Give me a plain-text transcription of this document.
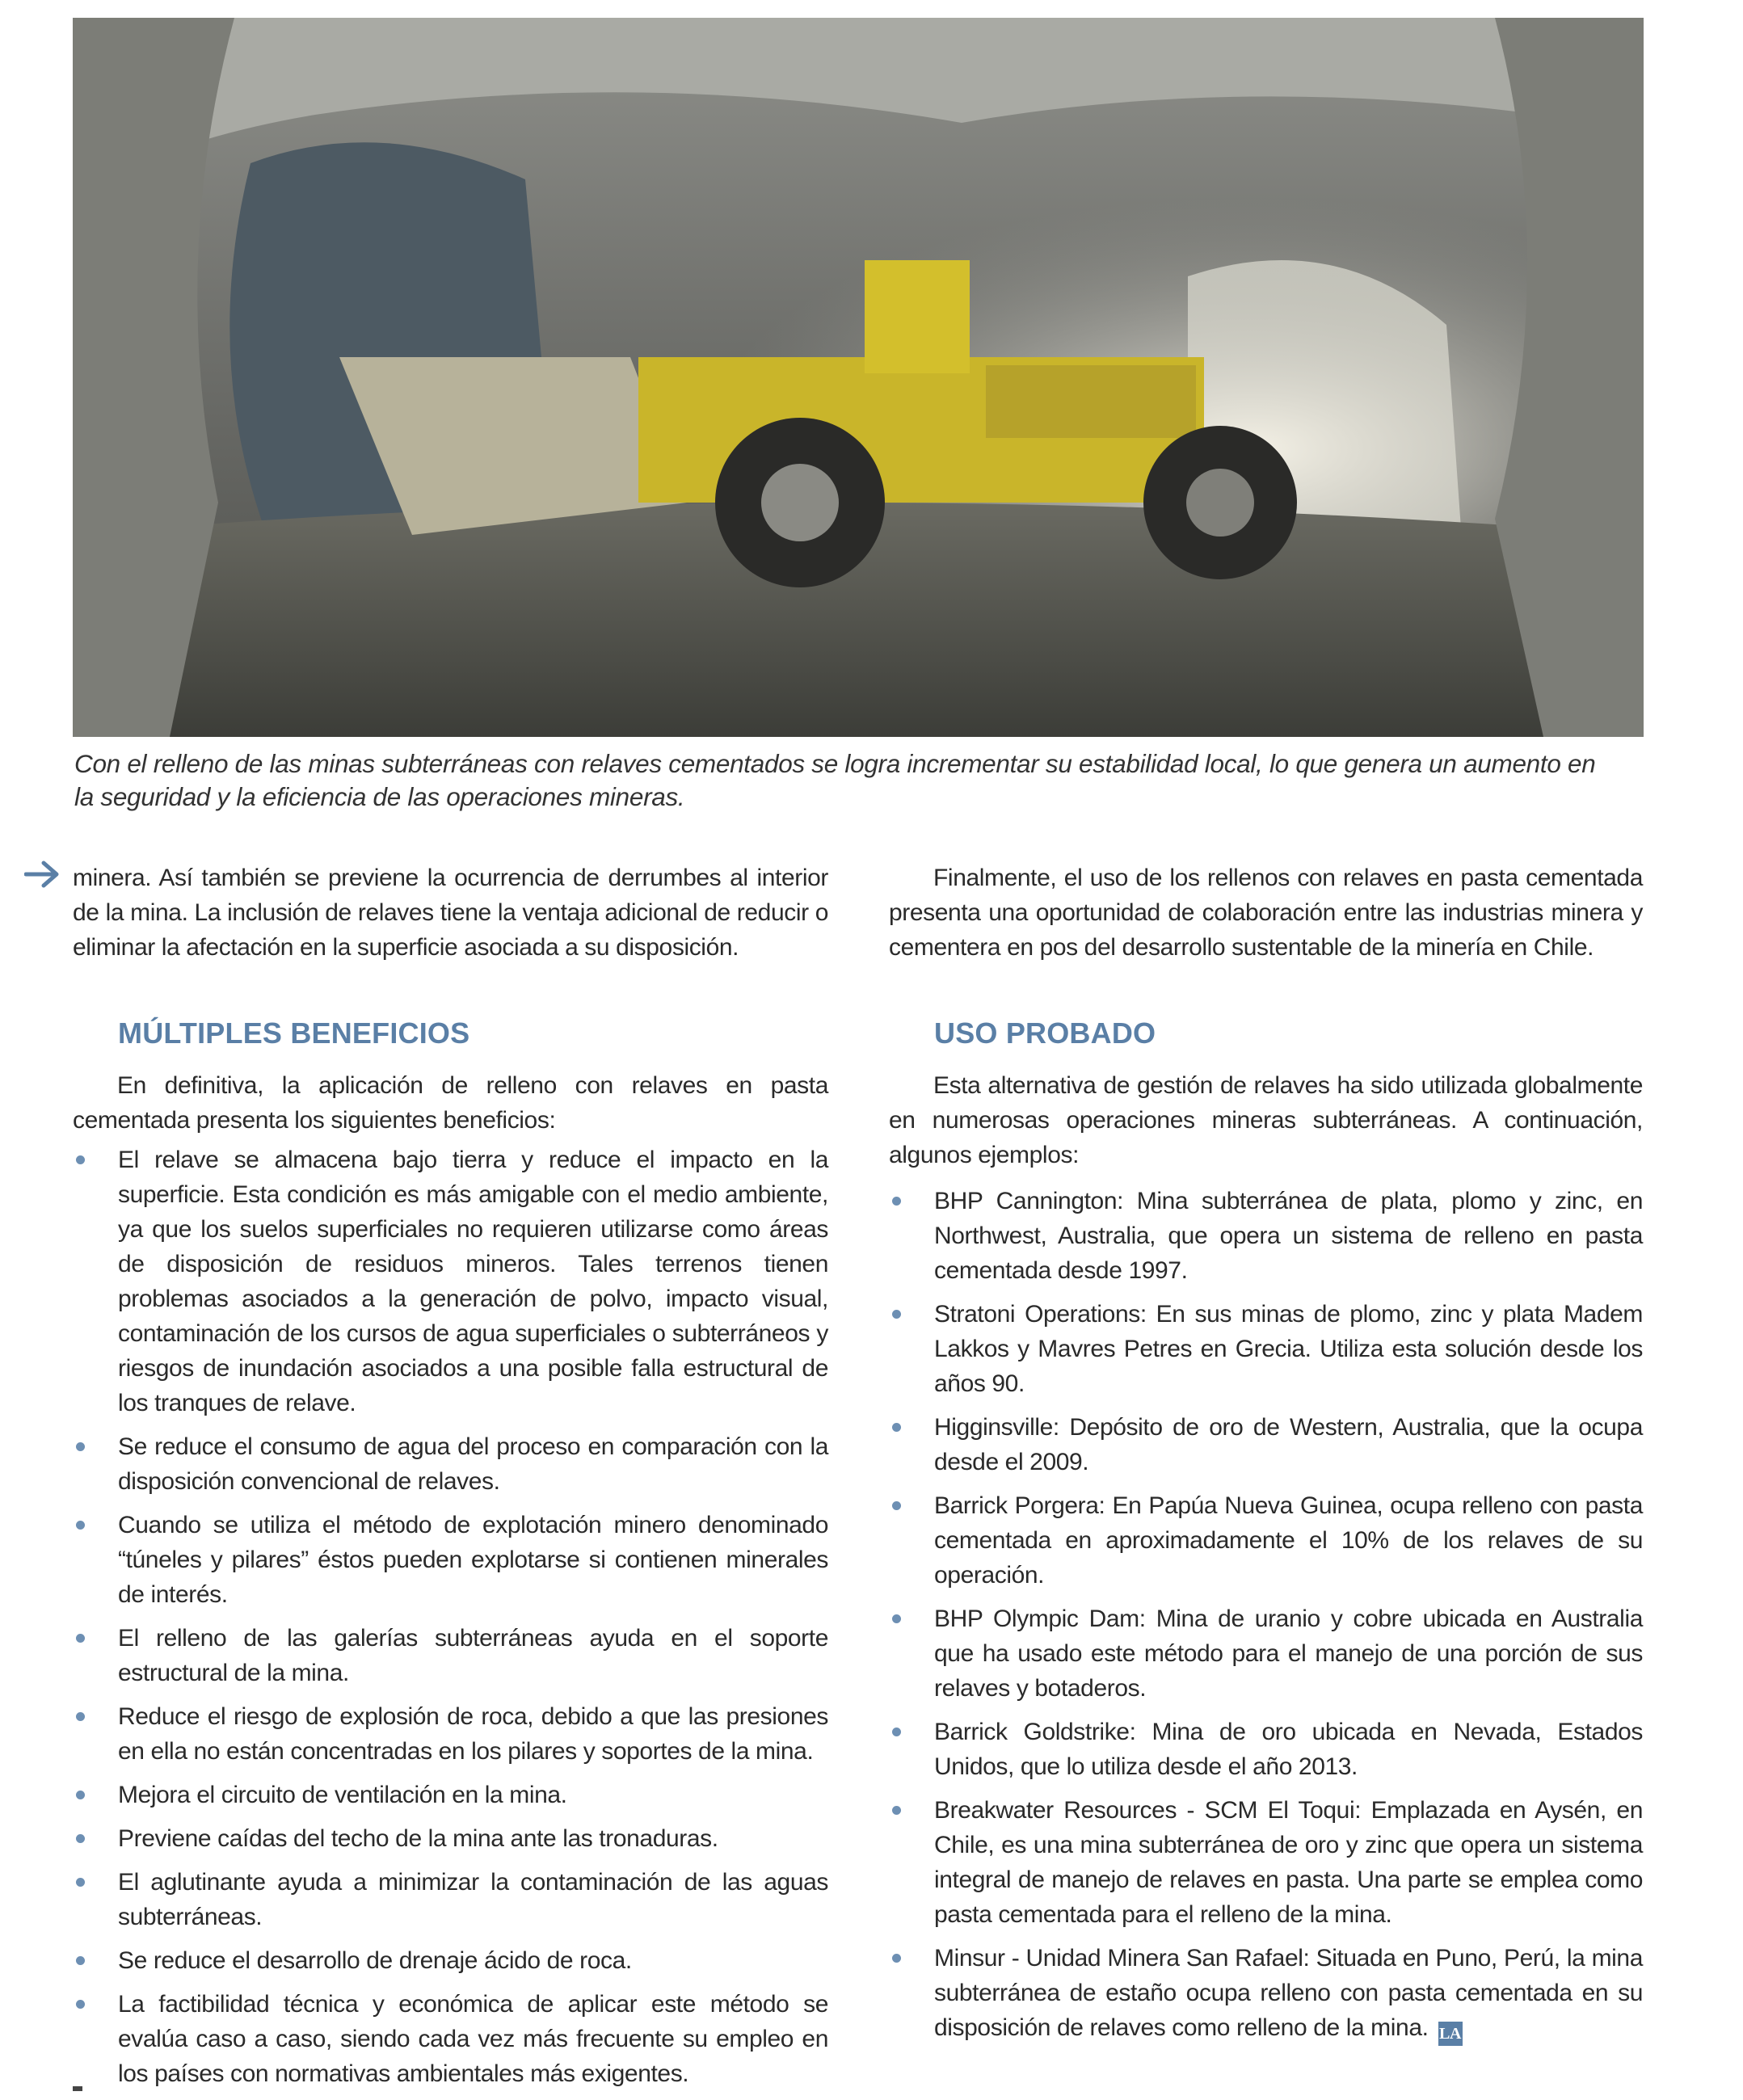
Con el relleno de las minas subterráneas con relaves cementados se logra incrementar su estabilidad local, lo que genera un aumento en la seguridad y la eficiencia de las operaciones mineras.

minera. Así también se previene la ocurrencia de derrumbes al interior de la mina. La inclusión de relaves tiene la ventaja adicional de reducir o eliminar la afectación en la superficie asociada a su disposición.

MÚLTIPLES BENEFICIOS

En definitiva, la aplicación de relleno con relaves en pasta cementada presenta los siguientes beneficios:

El relave se almacena bajo tierra y reduce el impacto en la superficie. Esta condición es más amigable con el medio ambiente, ya que los suelos superficiales no requieren utilizarse como áreas de disposición de residuos mineros. Tales terrenos tienen problemas asociados a la generación de polvo, impacto visual, contaminación de los cursos de agua superficiales o subterráneos y riesgos de inundación asociados a una posible falla estructural de los tranques de relave.
Se reduce el consumo de agua del proceso en comparación con la disposición convencional de relaves.
Cuando se utiliza el método de explotación minero denominado “túneles y pilares” éstos pueden explotarse si contienen minerales de interés.
El relleno de las galerías subterráneas ayuda en el soporte estructural de la mina.
Reduce el riesgo de explosión de roca, debido a que las presiones en ella no están concentradas en los pilares y soportes de la mina.
Mejora el circuito de ventilación en la mina.
Previene caídas del techo de la mina ante las tronaduras.
El aglutinante ayuda a minimizar la contaminación de las aguas subterráneas.
Se reduce el desarrollo de drenaje ácido de roca.
La factibilidad técnica y económica de aplicar este método se evalúa caso a caso, siendo cada vez más frecuente su empleo en los países con normativas ambientales más exigentes.

Finalmente, el uso de los rellenos con relaves en pasta cementada presenta una oportunidad de colaboración entre las industrias minera y cementera en pos del desarrollo sustentable de la minería en Chile.

USO PROBADO

Esta alternativa de gestión de relaves ha sido utilizada globalmente en numerosas operaciones mineras subterráneas. A continuación, algunos ejemplos:

BHP Cannington: Mina subterránea de plata, plomo y zinc, en Northwest, Australia, que opera un sistema de relleno en pasta cementada desde 1997.
Stratoni Operations: En sus minas de plomo, zinc y plata Madem Lakkos y Mavres Petres en Grecia. Utiliza esta solución desde los años 90.
Higginsville: Depósito de oro de Western, Australia, que la ocupa desde el 2009.
Barrick Porgera: En Papúa Nueva Guinea, ocupa relleno con pasta cementada en aproximadamente el 10% de los relaves de su operación.
BHP Olympic Dam: Mina de uranio y cobre ubicada en Australia que ha usado este método para el manejo de una porción de sus relaves y botaderos.
Barrick Goldstrike: Mina de oro ubicada en Nevada, Estados Unidos, que lo utiliza desde el año 2013.
Breakwater Resources - SCM El Toqui: Emplazada en Aysén, en Chile, es una mina subterránea de oro y zinc que opera un sistema integral de manejo de relaves en pasta. Una parte se emplea como pasta cementada para el relleno de la mina.
Minsur - Unidad Minera San Rafael: Situada en Puno, Perú, la mina subterránea de estaño ocupa relleno con pasta cementada en su disposición de relaves como relleno de la mina. LA
